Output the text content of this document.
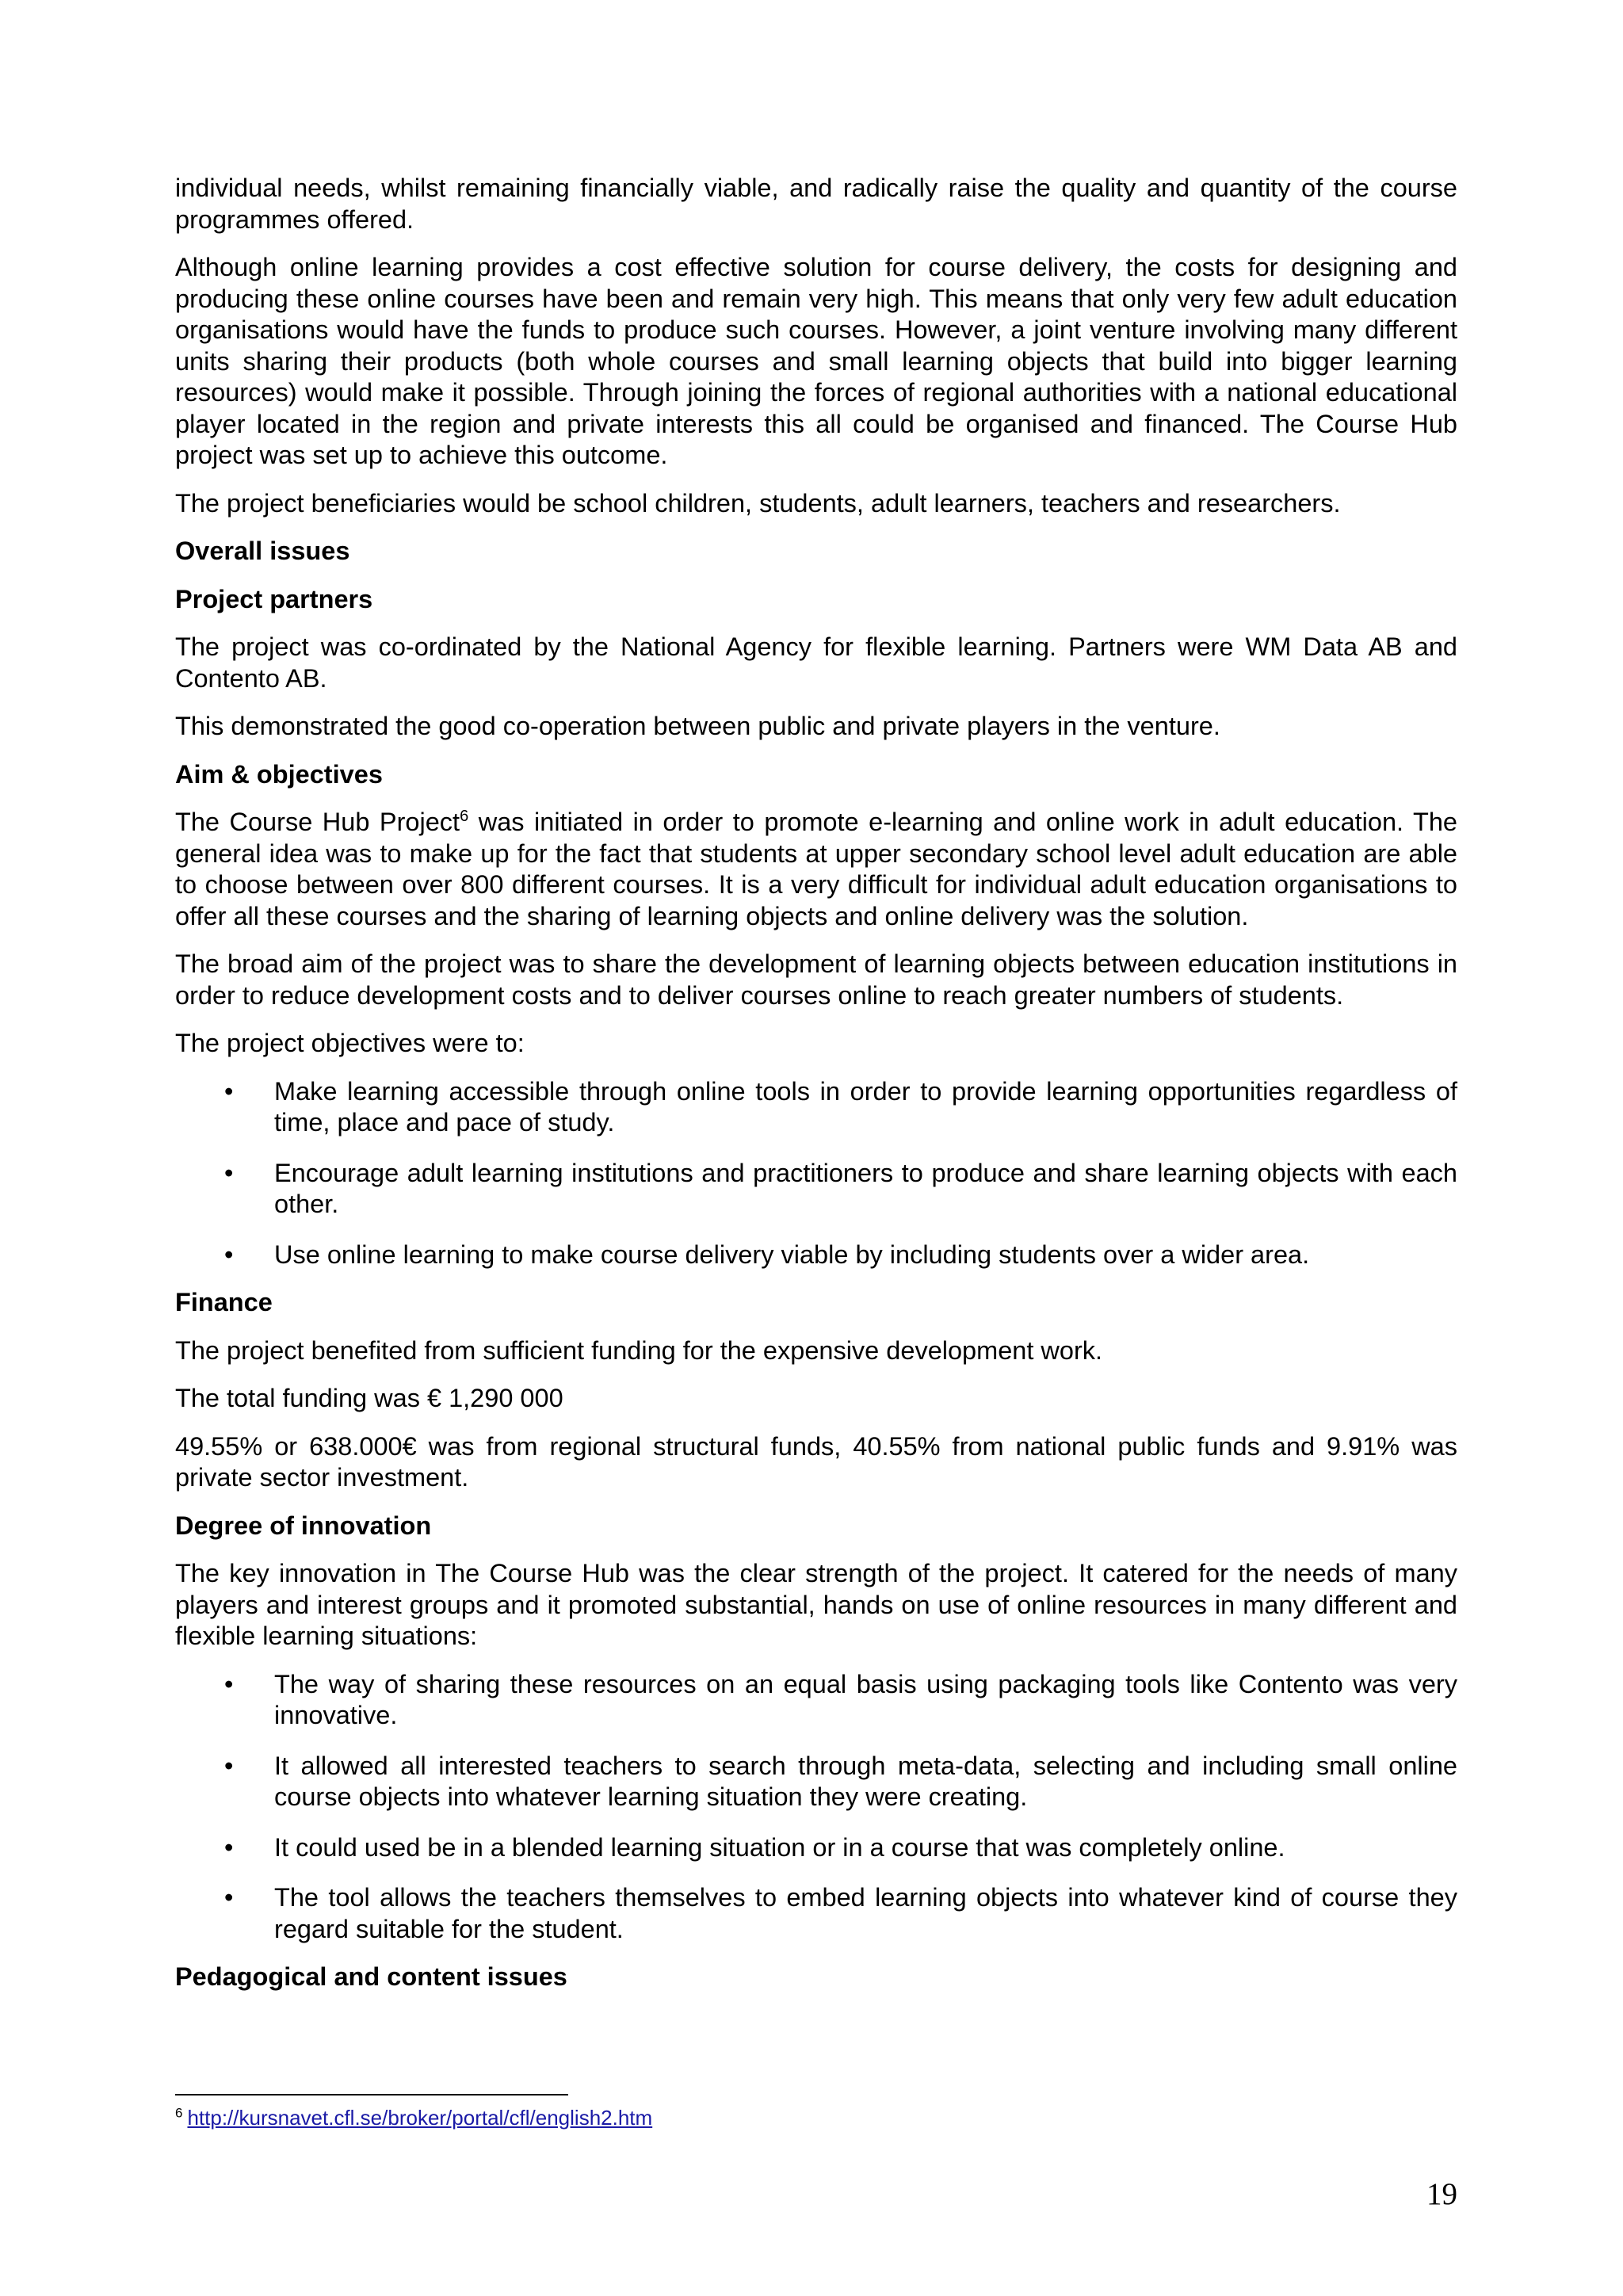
individual needs, whilst remaining financially viable, and radically raise the quality and quantity of the course programmes offered.

Although online learning provides a cost effective solution for course delivery, the costs for designing and producing these online courses have been and remain very high. This means that only very few adult education organisations would have the funds to produce such courses. However, a joint venture involving many different units sharing their products (both whole courses and small learning objects that build into bigger learning resources) would make it possible. Through joining the forces of regional authorities with a national educational player located in the region and private interests this all could be organised and financed. The Course Hub project was set up to achieve this outcome.

The project beneficiaries would be school children, students, adult learners, teachers and researchers.

Overall issues

Project partners

The project was co-ordinated by the National Agency for flexible learning. Partners were WM Data AB and Contento AB.

This demonstrated the good co-operation between public and private players in the venture.

Aim & objectives

The Course Hub Project$^6$ was initiated in order to promote e-learning and online work in adult education. The general idea was to make up for the fact that students at upper secondary school level adult education are able to choose between over 800 different courses. It is a very difficult for individual adult education organisations to offer all these courses and the sharing of learning objects and online delivery was the solution.

The broad aim of the project was to share the development of learning objects between education institutions in order to reduce development costs and to deliver courses online to reach greater numbers of students.

The project objectives were to:

• Make learning accessible through online tools in order to provide learning opportunities regardless of time, place and pace of study.
• Encourage adult learning institutions and practitioners to produce and share learning objects with each other.
• Use online learning to make course delivery viable by including students over a wider area.

Finance

The project benefited from sufficient funding for the expensive development work.

The total funding was € 1,290 000

49.55% or 638.000€ was from regional structural funds, 40.55% from national public funds and 9.91% was private sector investment.

Degree of innovation

The key innovation in The Course Hub was the clear strength of the project. It catered for the needs of many players and interest groups and it promoted substantial, hands on use of online resources in many different and flexible learning situations:

• The way of sharing these resources on an equal basis using packaging tools like Contento was very innovative.
• It allowed all interested teachers to search through meta-data, selecting and including small online course objects into whatever learning situation they were creating.
• It could used be in a blended learning situation or in a course that was completely online.
• The tool allows the teachers themselves to embed learning objects into whatever kind of course they regard suitable for the student.

Pedagogical and content issues

$^6$ http://kursnavet.cfl.se/broker/portal/cfl/english2.htm
19
